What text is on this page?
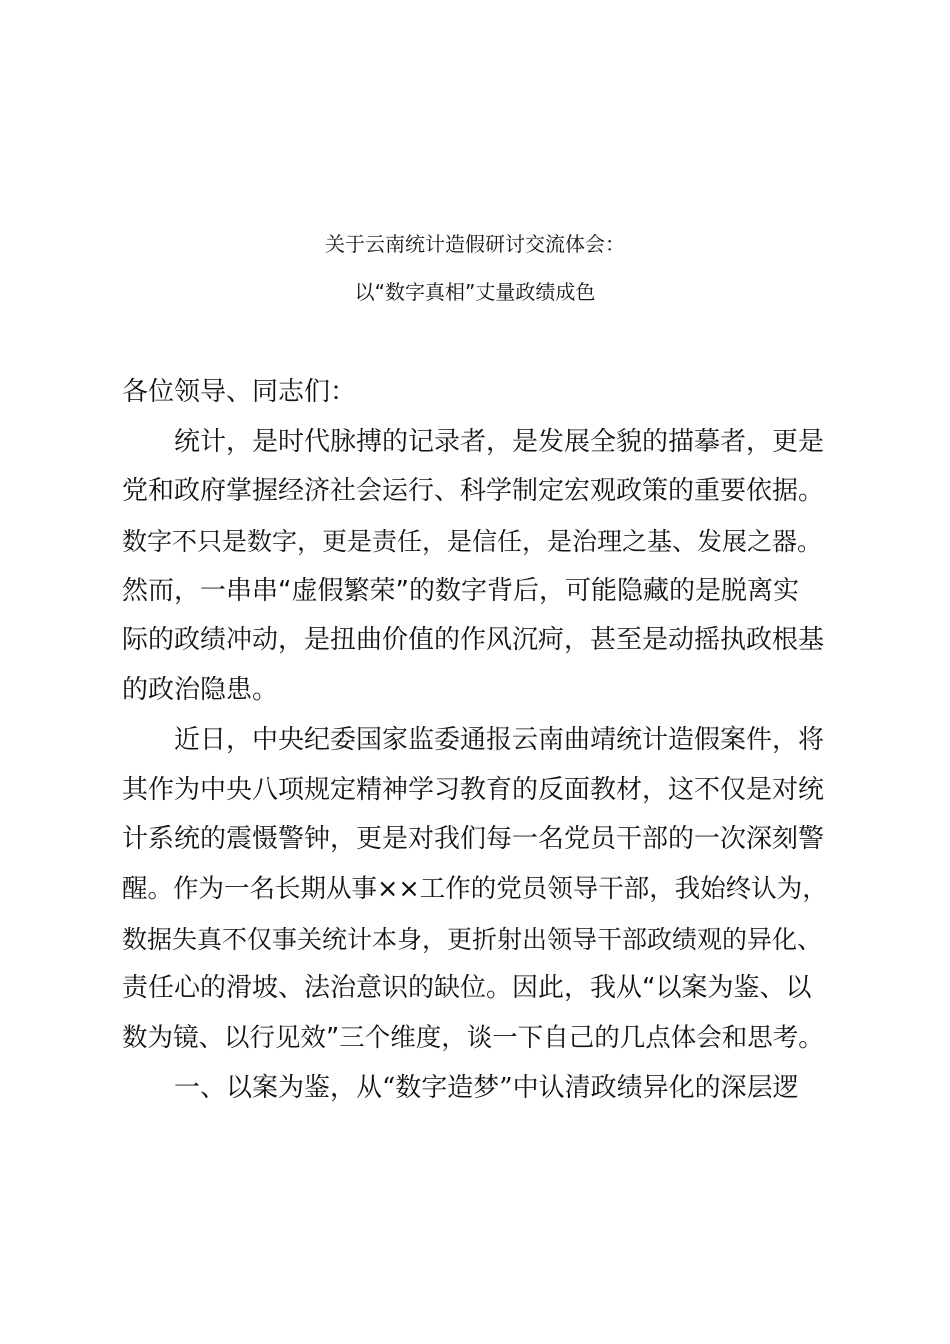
关于云南统计造假研讨交流体会：
以“数字真相”丈量政绩成色
各位领导、同志们：
统计，是时代脉搏的记录者，是发展全貌的描摹者，更是
党和政府掌握经济社会运行、科学制定宏观政策的重要依据。
数字不只是数字，更是责任，是信任，是治理之基、发展之器。
然而，一串串“虚假繁荣”的数字背后，可能隐藏的是脱离实
际的政绩冲动，是扭曲价值的作风沉疴，甚至是动摇执政根基
的政治隐患。
近日，中央纪委国家监委通报云南曲靖统计造假案件，将
其作为中央八项规定精神学习教育的反面教材，这不仅是对统
计系统的震慑警钟，更是对我们每一名党员干部的一次深刻警
醒。作为一名长期从事××工作的党员领导干部，我始终认为，
数据失真不仅事关统计本身，更折射出领导干部政绩观的异化、
责任心的滑坡、法治意识的缺位。因此，我从“以案为鉴、以
数为镜、以行见效”三个维度，谈一下自己的几点体会和思考。
一、以案为鉴，从“数字造梦”中认清政绩异化的深层逻
